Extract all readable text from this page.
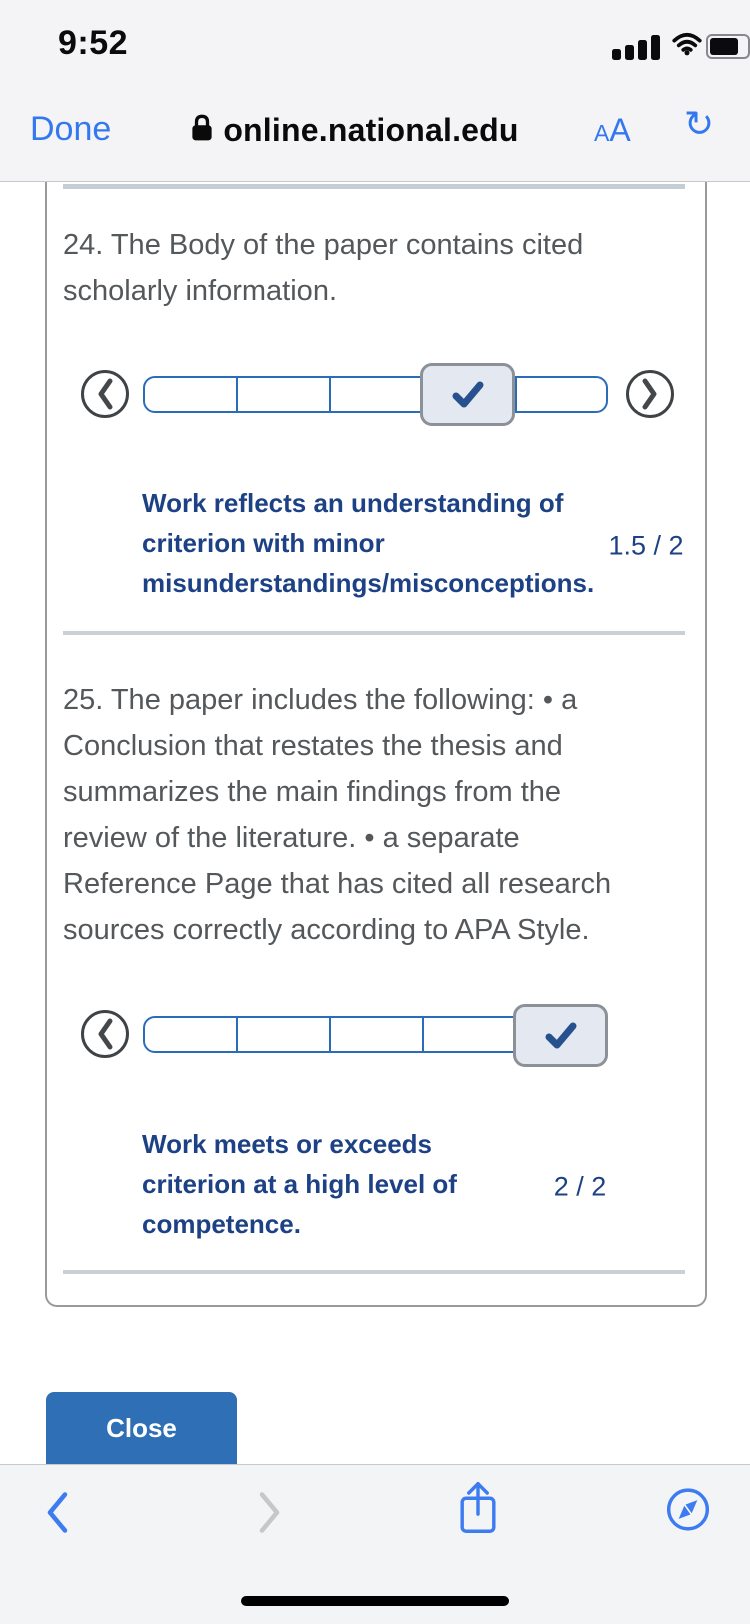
9:52
Done	online.national.edu	AA ↻
24. The Body of the paper contains cited
scholarly information.
Work reflects an understanding of
criterion with minor
misunderstandings/misconceptions.
1.5 / 2
25. The paper includes the following: • a
Conclusion that restates the thesis and
summarizes the main findings from the
review of the literature. • a separate
Reference Page that has cited all research
sources correctly according to APA Style.
Work meets or exceeds
criterion at a high level of
competence.
2 / 2
Close
